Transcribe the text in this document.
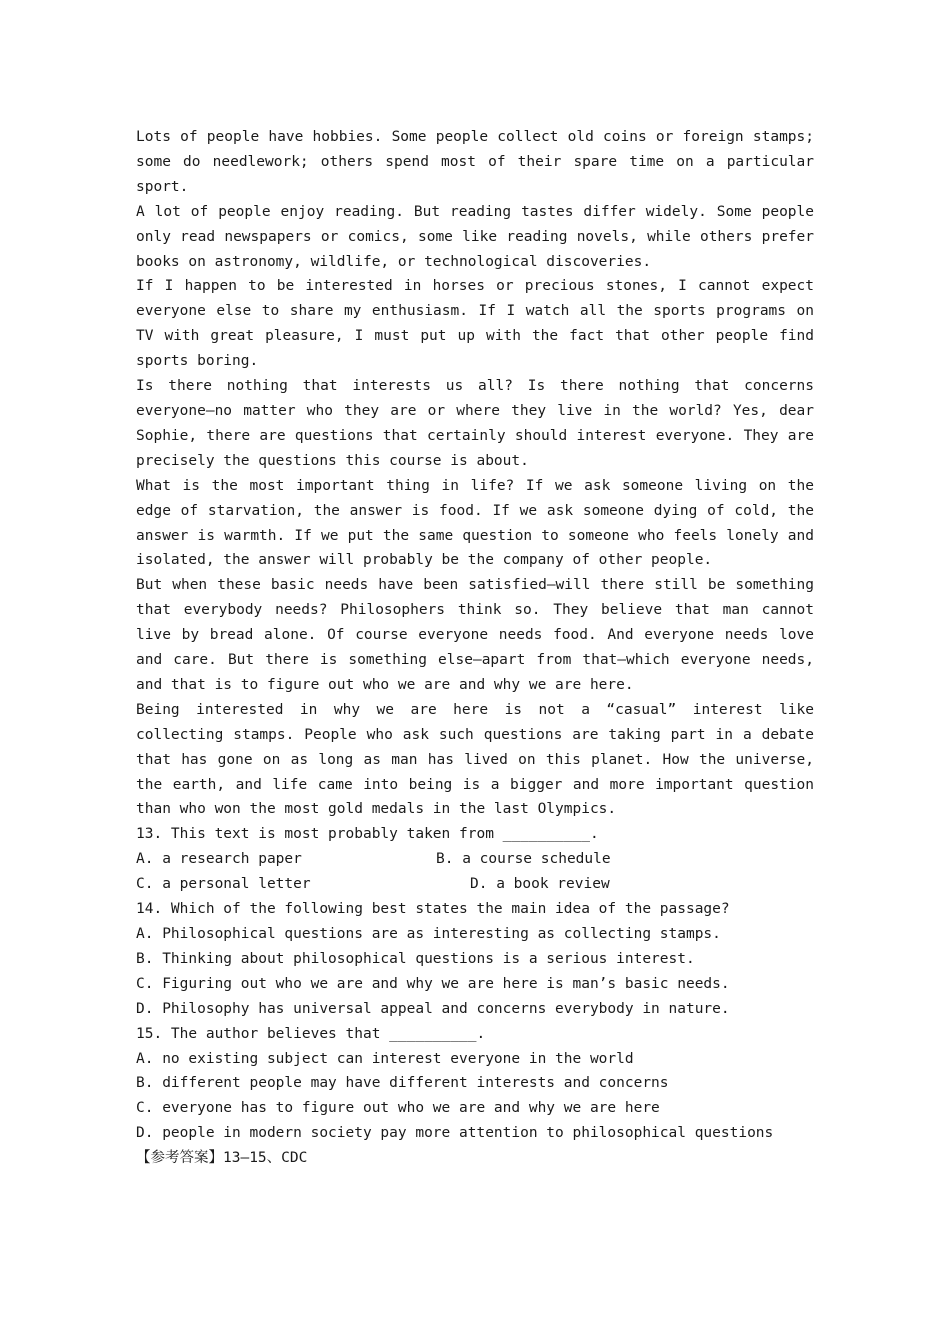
Lots of people have hobbies. Some people collect old coins or foreign stamps; some do needlework; others spend most of their spare time on a particular sport.

A lot of people enjoy reading. But reading tastes differ widely. Some people only read newspapers or comics, some like reading novels, while others prefer books on astronomy, wildlife, or technological discoveries.

If I happen to be interested in horses or precious stones, I cannot expect everyone else to share my enthusiasm. If I watch all the sports programs on TV with great pleasure, I must put up with the fact that other people find sports boring.

Is there nothing that interests us all? Is there nothing that concerns everyone—no matter who they are or where they live in the world? Yes, dear Sophie, there are questions that certainly should interest everyone. They are precisely the questions this course is about.

What is the most important thing in life? If we ask someone living on the edge of starvation, the answer is food. If we ask someone dying of cold, the answer is warmth. If we put the same question to someone who feels lonely and isolated, the answer will probably be the company of other people.

But when these basic needs have been satisfied—will there still be something that everybody needs? Philosophers think so. They believe that man cannot live by bread alone. Of course everyone needs food. And everyone needs love and care. But there is something else—apart from that—which everyone needs, and that is to figure out who we are and why we are here.

Being interested in why we are here is not a “casual” interest like collecting stamps. People who ask such questions are taking part in a debate that has gone on as long as man has lived on this planet. How the universe, the earth, and life came into being is a bigger and more important question than who won the most gold medals in the last Olympics.

13. This text is most probably taken from __________.

A. a research paper	B. a course schedule
C. a personal letter	D. a book review

14. Which of the following best states the main idea of the passage?

A. Philosophical questions are as interesting as collecting stamps.

B. Thinking about philosophical questions is a serious interest.

C. Figuring out who we are and why we are here is man’s basic needs.

D. Philosophy has universal appeal and concerns everybody in nature.

15. The author believes that __________.

A. no existing subject can interest everyone in the world

B. different people may have different interests and concerns

C. everyone has to figure out who we are and why we are here

D. people in modern society pay more attention to philosophical questions

【参考答案】13—15、CDC
